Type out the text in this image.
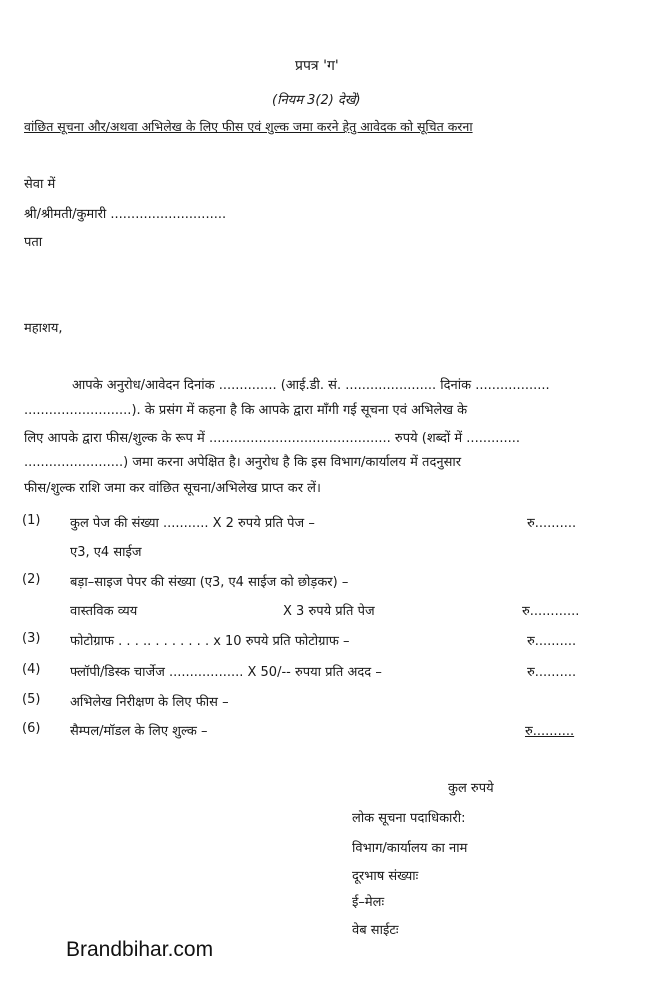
प्रपत्र 'ग'
(नियम 3(2) देखें)
वांछित सूचना और/अथवा अभिलेख के लिए फीस एवं शुल्क जमा करने हेतु आवेदक को सूचित करना
सेवा में
श्री/श्रीमती/कुमारी ............................
पता
महाशय,
आपके अनुरोध/आवेदन दिनांक .............. (आई.डी. सं. ...................... दिनांक ..................
..........................). के प्रसंग में कहना है कि आपके द्वारा माँगी गई सूचना एवं अभिलेख के
लिए आपके द्वारा फीस/शुल्क के रूप में ............................................ रुपये (शब्दों में .............
........................) जमा करना अपेक्षित है। अनुरोध है कि इस विभाग/कार्यालय में तदनुसार
फीस/शुल्क राशि जमा कर वांछित सूचना/अभिलेख प्राप्त कर लें।
(1) कुल पेज की संख्या ........... X 2 रुपये प्रति पेज –	रु..........
ए3, ए4 साईज
(2) बड़ा–साइज पेपर की संख्या (ए3, ए4 साईज को छोड़कर) –
वास्तविक व्यय	X 3 रुपये प्रति पेज	रु............
(3) फोटोग्राफ . . . .. . . . . . . . x 10 रुपये प्रति फोटोग्राफ –	रु..........
(4) फ्लॉपी/डिस्क चार्जेज .................. X 50/-- रुपया प्रति अदद –	रु..........
(5) अभिलेख निरीक्षण के लिए फीस –
(6) सैम्पल/मॉडल के लिए शुल्क –	रु..........
कुल रुपये
लोक सूचना पदाधिकारी:
विभाग/कार्यालय का नाम
दूरभाष संख्याः
ई–मेलः
वेब साईटः
Brandbihar.com
